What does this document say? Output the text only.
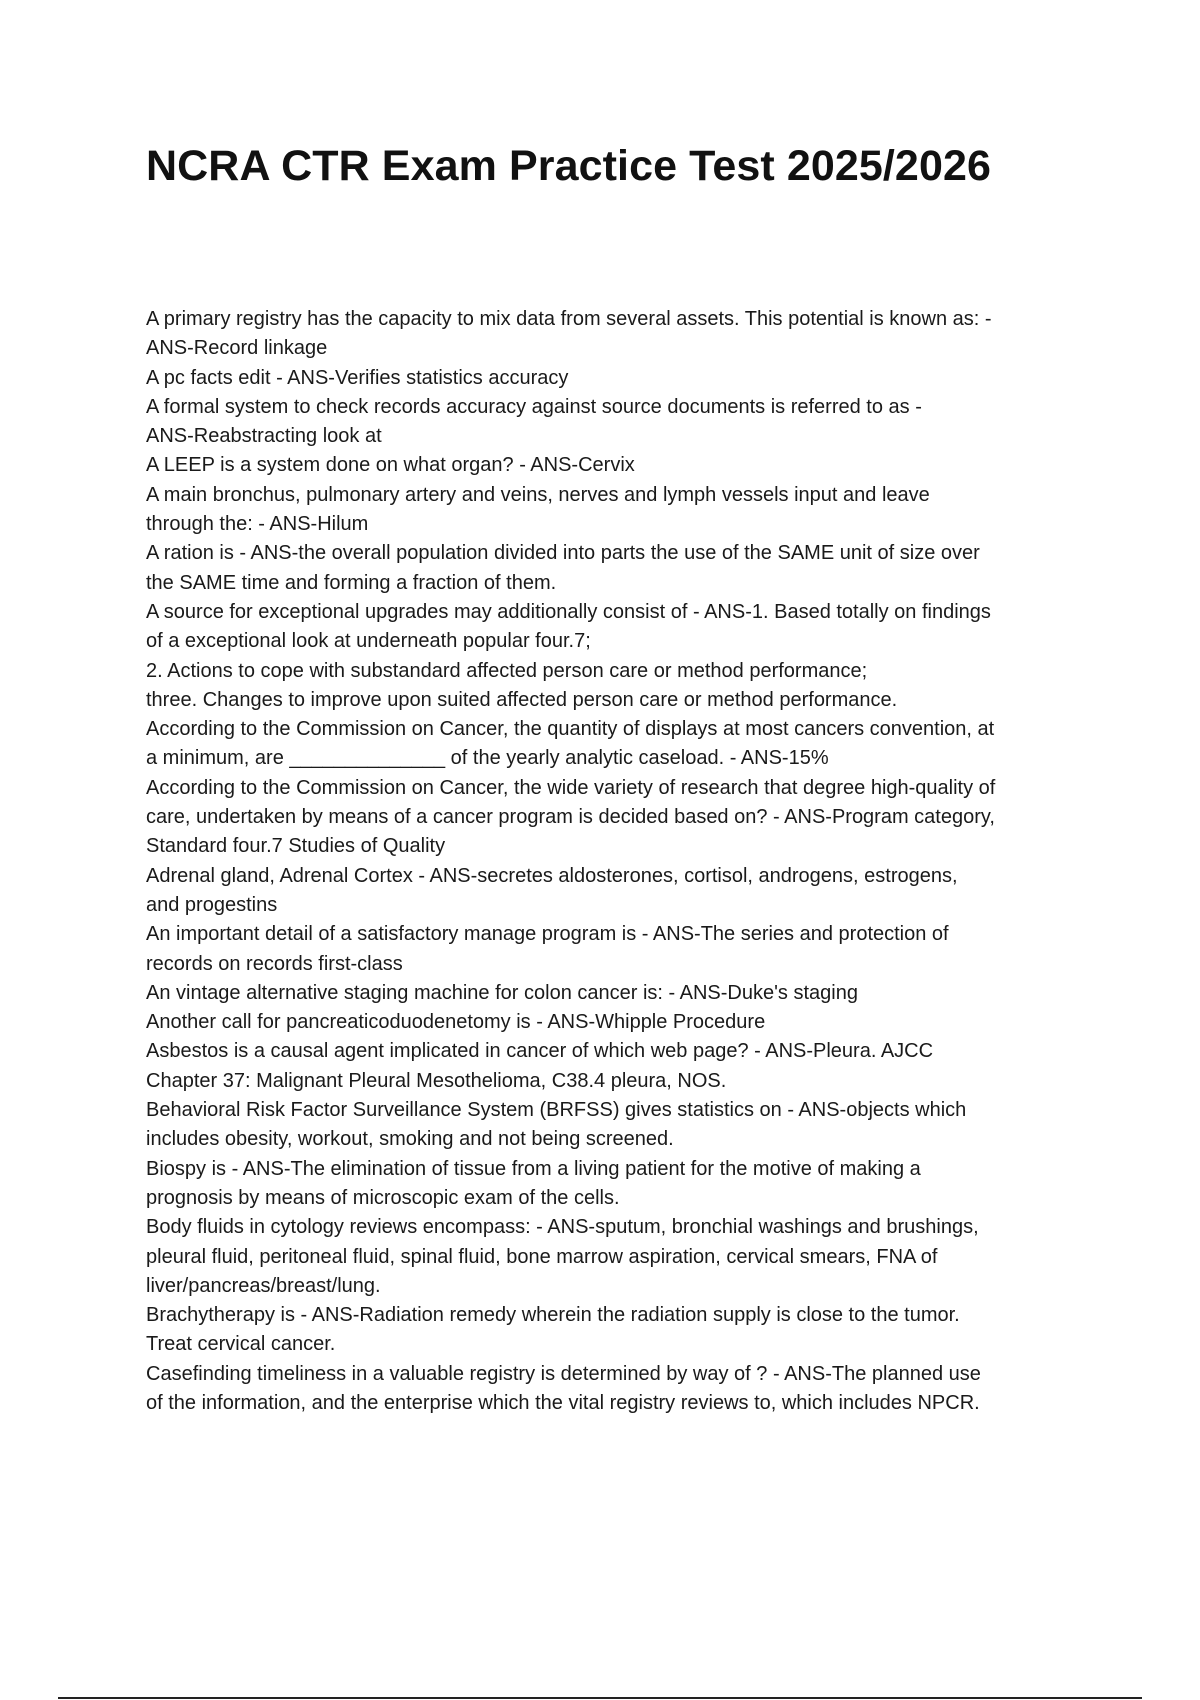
NCRA CTR Exam Practice Test 2025/2026

A primary registry has the capacity to mix data from several assets. This potential is known as: -

ANS-Record linkage

A pc facts edit - ANS-Verifies statistics accuracy

A formal system to check records accuracy against source documents is referred to as -

ANS-Reabstracting look at

A LEEP is a system done on what organ? - ANS-Cervix

A main bronchus, pulmonary artery and veins, nerves and lymph vessels input and leave

through the: - ANS-Hilum

A ration is - ANS-the overall population divided into parts the use of the SAME unit of size over

the SAME time and forming a fraction of them.

A source for exceptional upgrades may additionally consist of - ANS-1. Based totally on findings

of a exceptional look at underneath popular four.7;

2. Actions to cope with substandard affected person care or method performance;

three. Changes to improve upon suited affected person care or method performance.

According to the Commission on Cancer, the quantity of displays at most cancers convention, at

a minimum, are ______________ of the yearly analytic caseload. - ANS-15%

According to the Commission on Cancer, the wide variety of research that degree high-quality of

care, undertaken by means of a cancer program is decided based on? - ANS-Program category,

Standard four.7 Studies of Quality

Adrenal gland, Adrenal Cortex - ANS-secretes aldosterones, cortisol, androgens, estrogens,

and progestins

An important detail of a satisfactory manage program is - ANS-The series and protection of

records on records first-class

An vintage alternative staging machine for colon cancer is: - ANS-Duke's staging

Another call for pancreaticoduodenetomy is - ANS-Whipple Procedure

Asbestos is a causal agent implicated in cancer of which web page? - ANS-Pleura. AJCC

Chapter 37: Malignant Pleural Mesothelioma, C38.4 pleura, NOS.

Behavioral Risk Factor Surveillance System (BRFSS) gives statistics on - ANS-objects which

includes obesity, workout, smoking and not being screened.

Biospy is - ANS-The elimination of tissue from a living patient for the motive of making a

prognosis by means of microscopic exam of the cells.

Body fluids in cytology reviews encompass: - ANS-sputum, bronchial washings and brushings,

pleural fluid, peritoneal fluid, spinal fluid, bone marrow aspiration, cervical smears, FNA of

liver/pancreas/breast/lung.

Brachytherapy is - ANS-Radiation remedy wherein the radiation supply is close to the tumor.

Treat cervical cancer.

Casefinding timeliness in a valuable registry is determined by way of ? - ANS-The planned use

of the information, and the enterprise which the vital registry reviews to, which includes NPCR.
